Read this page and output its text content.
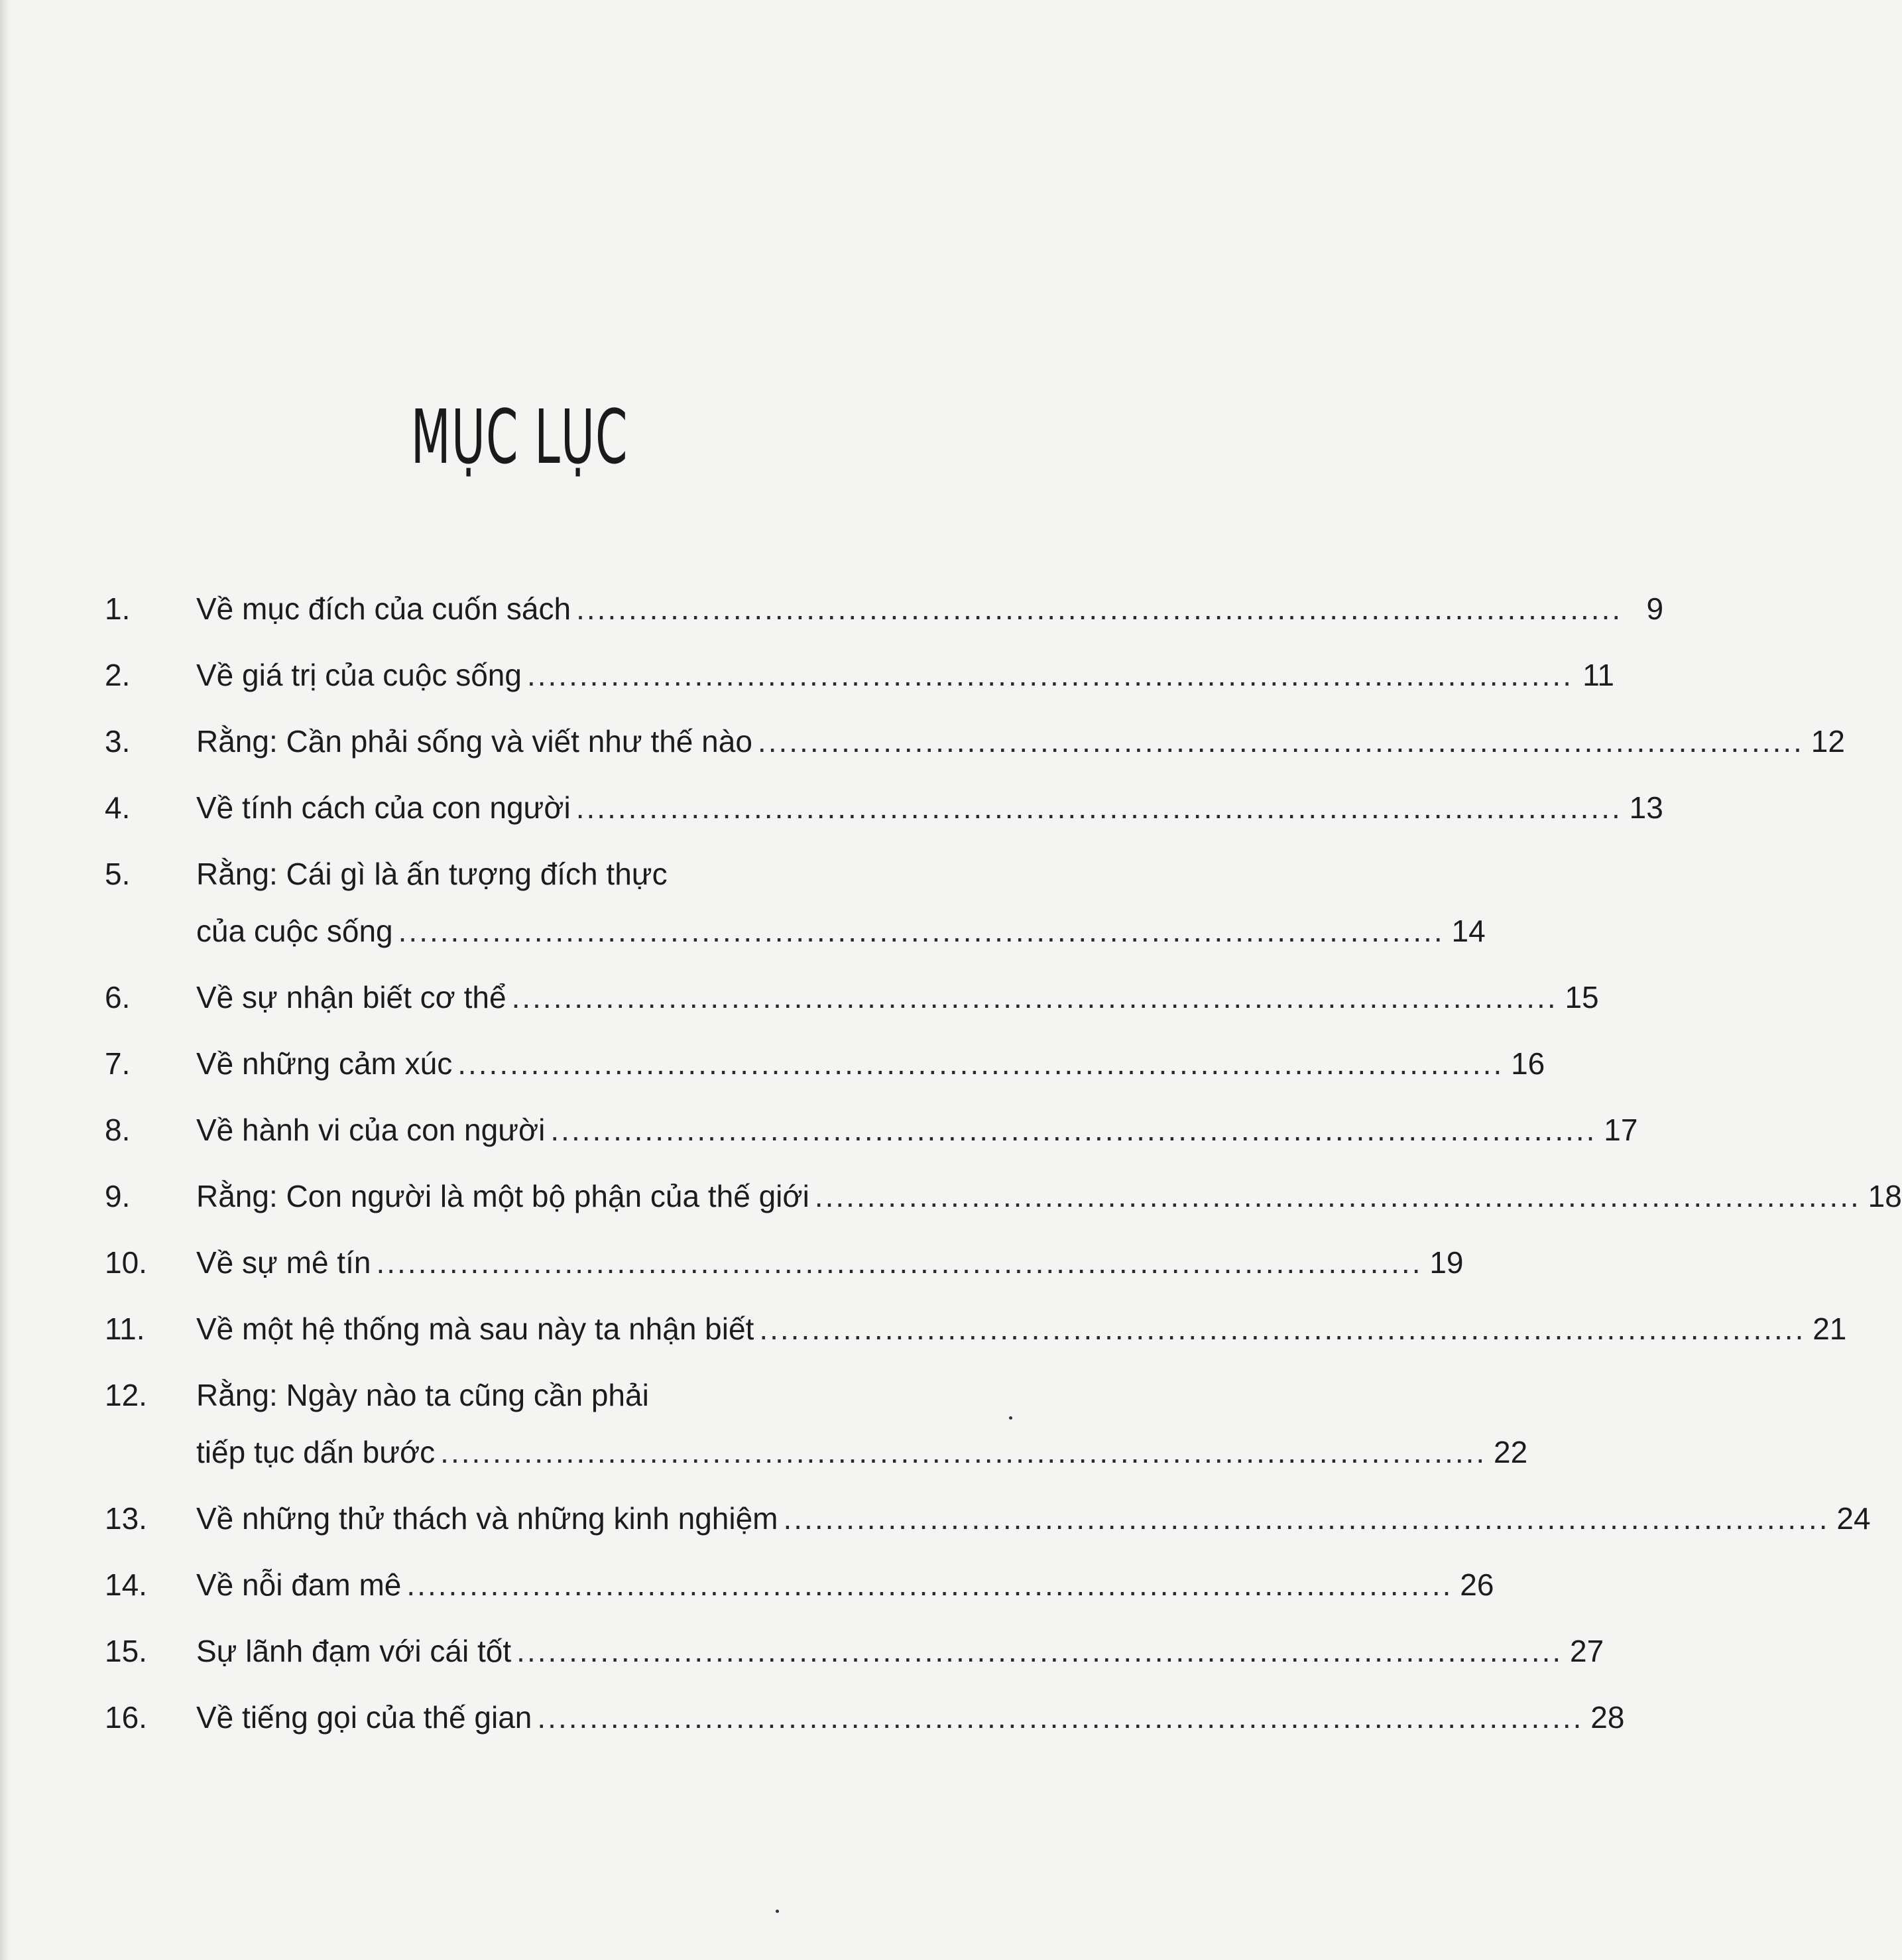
MỤC LỤC
1. Về mục đích của cuốn sách .................................................................................................... 9
2. Về giá trị của cuộc sống .................................................................................................... 11
3. Rằng: Cần phải sống và viết như thế nào .................................................................................................... 12
4. Về tính cách của con người .................................................................................................... 13
5. Rằng: Cái gì là ấn tượng đích thực
của cuộc sống .................................................................................................... 14
6. Về sự nhận biết cơ thể .................................................................................................... 15
7. Về những cảm xúc .................................................................................................... 16
8. Về hành vi của con người .................................................................................................... 17
9. Rằng: Con người là một bộ phận của thế giới .................................................................................................... 18
10. Về sự mê tín .................................................................................................... 19
11. Về một hệ thống mà sau này ta nhận biết .................................................................................................... 21
12. Rằng: Ngày nào ta cũng cần phải
tiếp tục dấn bước .................................................................................................... 22
13. Về những thử thách và những kinh nghiệm .................................................................................................... 24
14. Về nỗi đam mê .................................................................................................... 26
15. Sự lãnh đạm với cái tốt .................................................................................................... 27
16. Về tiếng gọi của thế gian .................................................................................................... 28
